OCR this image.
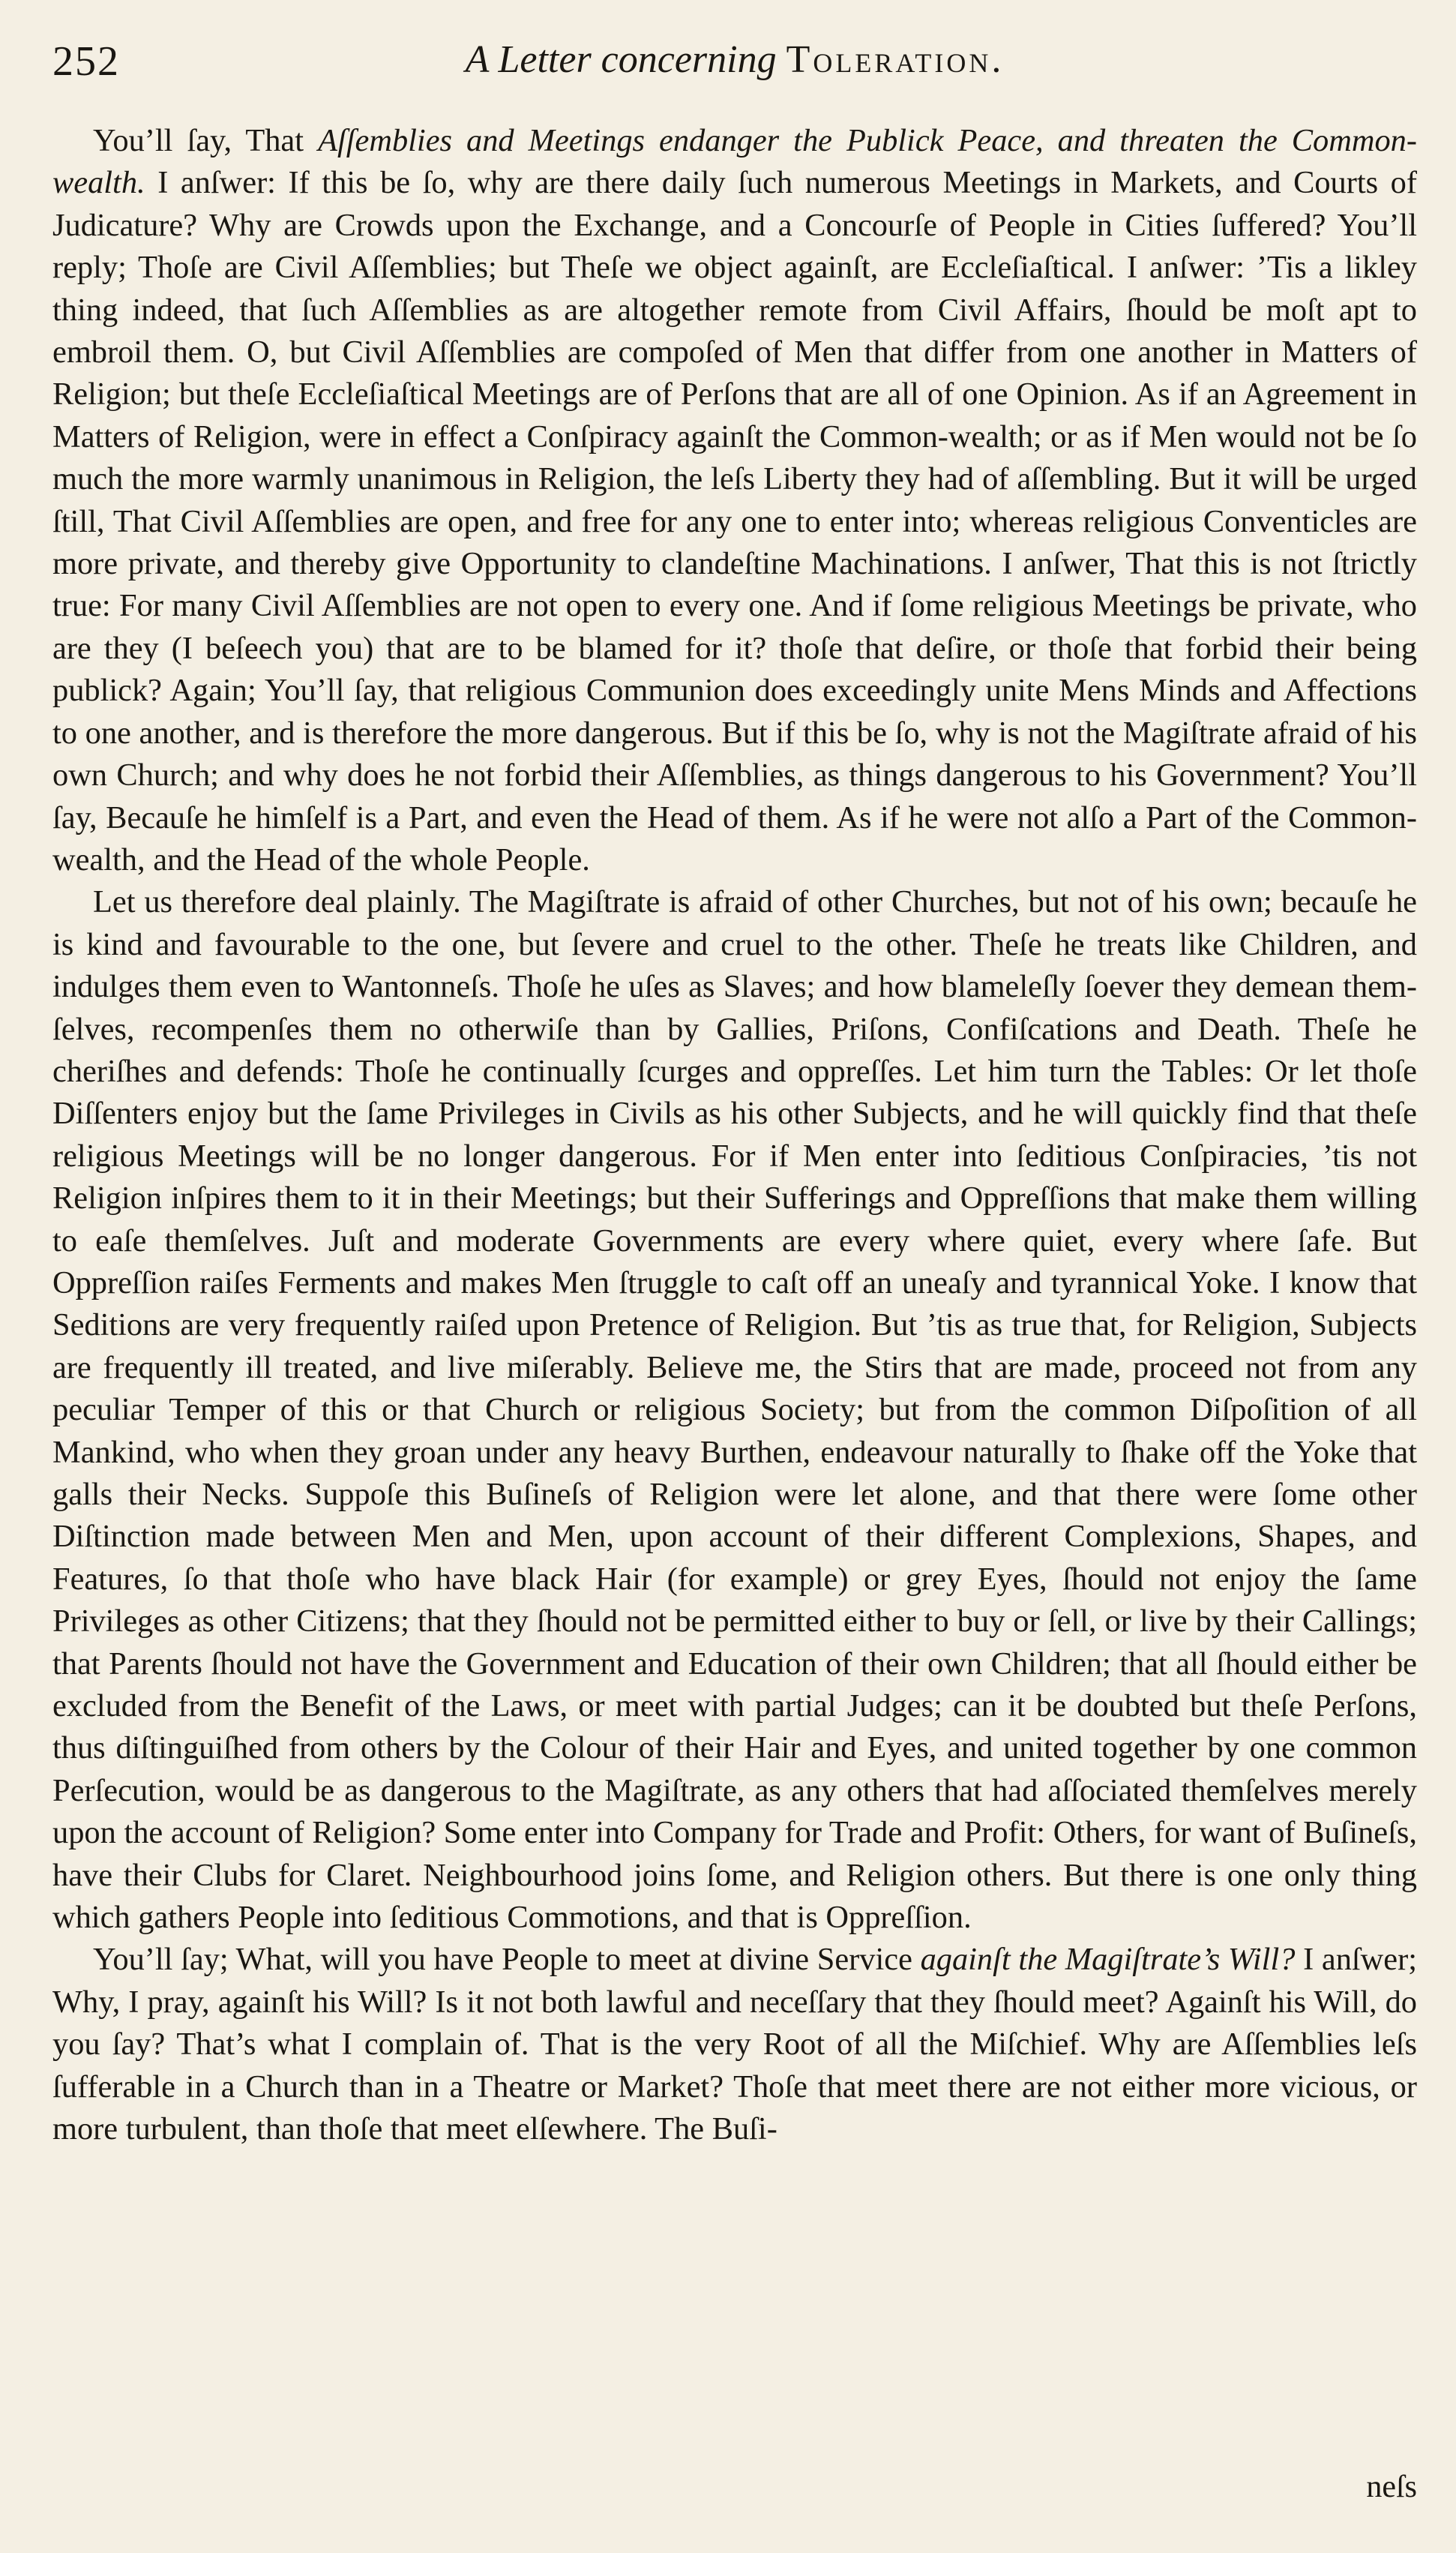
252	A Letter concerning Toleration.

You’ll ſay, That Aſſemblies and Meetings endanger the Publick Peace, and threaten the Common-wealth. I anſwer: If this be ſo, why are there daily ſuch numerous Meetings in Markets, and Courts of Judicature? Why are Crowds upon the Exchange, and a Concourſe of People in Cities ſuffered? You’ll reply; Thoſe are Civil Aſſemblies; but Theſe we object againſt, are Eccleſiaſtical. I anſwer: ’Tis a likley thing indeed, that ſuch Aſſemblies as are altogether remote from Civil Affairs, ſhould be moſt apt to embroil them. O, but Civil Aſſemblies are compoſed of Men that differ from one another in Matters of Religion; but theſe Eccleſiaſtical Meetings are of Perſons that are all of one Opinion. As if an Agreement in Matters of Religion, were in effect a Conſpiracy againſt the Common-wealth; or as if Men would not be ſo much the more warmly unanimous in Religion, the leſs Liberty they had of aſſembling. But it will be urged ſtill, That Civil Aſſemblies are open, and free for any one to enter into; whereas religious Conventicles are more private, and thereby give Opportunity to clandeſtine Machinations. I anſwer, That this is not ſtrictly true: For many Civil Aſſemblies are not open to every one. And if ſome religious Meetings be private, who are they (I beſeech you) that are to be blamed for it? thoſe that deſire, or thoſe that forbid their being publick? Again; You’ll ſay, that religious Communion does exceedingly unite Mens Minds and Affections to one another, and is therefore the more dangerous. But if this be ſo, why is not the Magiſtrate afraid of his own Church; and why does he not forbid their Aſſemblies, as things dangerous to his Government? You’ll ſay, Becauſe he himſelf is a Part, and even the Head of them. As if he were not alſo a Part of the Common-wealth, and the Head of the whole People.

Let us therefore deal plainly. The Magiſtrate is afraid of other Churches, but not of his own; becauſe he is kind and favourable to the one, but ſevere and cruel to the other. Theſe he treats like Children, and indulges them even to Wantonneſs. Thoſe he uſes as Slaves; and how blameleſly ſoever they demean themſelves, recompenſes them no otherwiſe than by Gallies, Priſons, Confiſcations and Death. Theſe he cheriſhes and defends: Thoſe he continually ſcurges and oppreſſes. Let him turn the Tables: Or let thoſe Diſſenters enjoy but the ſame Privileges in Civils as his other Subjects, and he will quickly find that theſe religious Meetings will be no longer dangerous. For if Men enter into ſeditious Conſpiracies, ’tis not Religion inſpires them to it in their Meetings; but their Sufferings and Oppreſſions that make them willing to eaſe themſelves. Juſt and moderate Governments are every where quiet, every where ſafe. But Oppreſſion raiſes Ferments and makes Men ſtruggle to caſt off an uneaſy and tyrannical Yoke. I know that Seditions are very frequently raiſed upon Pretence of Religion. But ’tis as true that, for Religion, Subjects are frequently ill treated, and live miſerably. Believe me, the Stirs that are made, proceed not from any peculiar Temper of this or that Church or religious Society; but from the common Diſpoſition of all Mankind, who when they groan under any heavy Burthen, endeavour naturally to ſhake off the Yoke that galls their Necks. Suppoſe this Buſineſs of Religion were let alone, and that there were ſome other Diſtinction made between Men and Men, upon account of their different Complexions, Shapes, and Features, ſo that thoſe who have black Hair (for example) or grey Eyes, ſhould not enjoy the ſame Privileges as other Citizens; that they ſhould not be permitted either to buy or ſell, or live by their Callings; that Parents ſhould not have the Government and Education of their own Children; that all ſhould either be excluded from the Benefit of the Laws, or meet with partial Judges; can it be doubted but theſe Perſons, thus diſtinguiſhed from others by the Colour of their Hair and Eyes, and united together by one common Perſecution, would be as dangerous to the Magiſtrate, as any others that had aſſociated themſelves merely upon the account of Religion? Some enter into Company for Trade and Profit: Others, for want of Buſineſs, have their Clubs for Claret. Neighbourhood joins ſome, and Religion others. But there is one only thing which gathers People into ſeditious Commotions, and that is Oppreſſion.

You’ll ſay; What, will you have People to meet at divine Service againſt the Magiſtrate’s Will? I anſwer; Why, I pray, againſt his Will? Is it not both lawful and neceſſary that they ſhould meet? Againſt his Will, do you ſay? That’s what I complain of. That is the very Root of all the Miſchief. Why are Aſſemblies leſs ſufferable in a Church than in a Theatre or Market? Thoſe that meet there are not either more vicious, or more turbulent, than thoſe that meet elſewhere. The Buſi-

neſs
